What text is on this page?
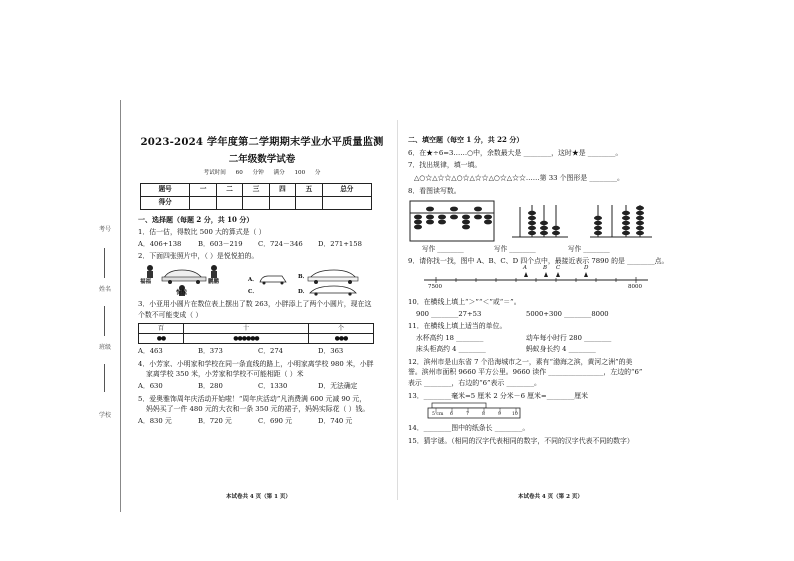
考号
姓名
班级
学校
2023-2024 学年度第二学期期末学业水平质量监测
二年级数学试卷
考试时间 60 分钟 满分 100 分
题号	一	二	三	四	五	总分
得分						
一、选择题（每题 2 分，共 10 分）
1．估一估，得数比 500 大的算式是（ ）
A．406+138	B．603－219	C．724－346	D．271+158
2．下面四张照片中，（ ）是悦悦拍的。
福福	鹏鹏
悦悦
A．	B．
C．	D．
3．小亚用小圆片在数位表上摆出了数 263，小胖添上了两个小圆片，现在这
个数不可能变成（ ）
百	十	个
●●	●●●●●●	●●●
A．463	B．373	C．274	D．363
4．小芳家、小明家和学校在同一条直线的路上，小明家离学校 980 米，小胖
家离学校 350 米，小芳家和学校不可能相距（ ）米
A．630	B．280	C．1330	D．无法确定
5．爱奥雅饰周年庆活动开始啦！“周年庆活动”凡消费满 600 元减 90 元，
妈妈买了一件 480 元的大衣和一条 350 元的裙子，妈妈实际花（ ）钱。
A．830 元	B．720 元	C．690 元	D．740 元
本试卷共 4 页（第 1 页）
二、填空题（每空 1 分，共 22 分）
6．在★÷6=3……○中，余数最大是 ________，这时★是 ________。
7．找出规律，填一填。
△○☆△☆☆△○☆△☆☆△○☆△☆☆……第 33 个图形是 ________。
8．看图读写数。
写作 ________	写作 ________	写作 ________
9．请你找一找，图中 A、B、C、D 四个点中，最接近表示 7890 的是 ________点。
A	B C	D
7500	8000
10．在横线上填上“＞”“＜”或“＝”。
900 ________27+53	5000+300 ________8000
11．在横线上填上适当的单位。
水杯高约 18 ________	动车每小时行 280 ________
床头柜高约 4 ________	蚂蚁身长约 4 ________
12．滨州市是山东省 7 个沿海城市之一，素有“渤海之滨，黄河之洲”的美
誉。滨州市面积 9660 平方公里。9660 读作 ________________，左边的“6”
表示 ________，右边的“6”表示 ________。
13．________毫米=5 厘米 2 分米－6 厘米=________厘米
5 cm 6	7	8	9 10
14．________图中的纸条长 ________。
15．猜字谜。（相同的汉字代表相同的数字，不同的汉字代表不同的数字）
本试卷共 4 页（第 2 页）
